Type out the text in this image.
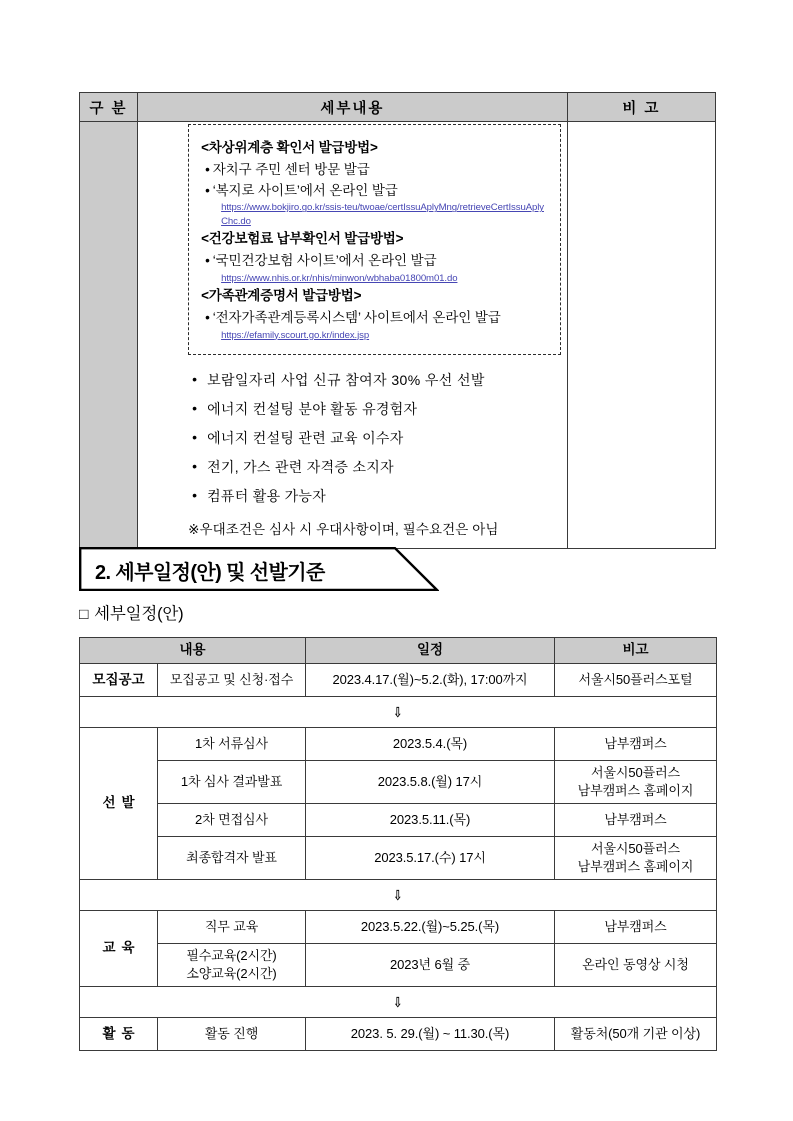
구 분	세부내용	비 고

<차상위계층 확인서 발급방법>
• 자치구 주민 센터 방문 발급
• ‘복지로 사이트’에서 온라인 발급
https://www.bokjiro.go.kr/ssis-teu/twoae/certIssuAplyMng/retrieveCertIssuAplyChc.do
<건강보험료 납부확인서 발급방법>
• ‘국민건강보험 사이트’에서 온라인 발급
https://www.nhis.or.kr/nhis/minwon/wbhaba01800m01.do
<가족관계증명서 발급방법>
• ‘전자가족관계등록시스템’ 사이트에서 온라인 발급
https://efamily.scourt.go.kr/index.jsp
• 보람일자리 사업 신규 참여자 30% 우선 선발
• 에너지 컨설팅 분야 활동 유경험자
• 에너지 컨설팅 관련 교육 이수자
• 전기, 가스 관련 자격증 소지자
• 컴퓨터 활용 가능자
※우대조건은 심사 시 우대사항이며, 필수요건은 아님

2. 세부일정(안) 및 선발기준
□ 세부일정(안)
내용		일정	비고
모집공고	모집공고 및 신청·접수	2023.4.17.(월)~5.2.(화), 17:00까지	서울시50플러스포털
⇩			
선발	1차 서류심사	2023.5.4.(목)	남부캠퍼스
	1차 심사 결과발표	2023.5.8.(월) 17시	서울시50플러스
남부캠퍼스 홈페이지
	2차 면접심사	2023.5.11.(목)	남부캠퍼스
	최종합격자 발표	2023.5.17.(수) 17시	서울시50플러스
남부캠퍼스 홈페이지
⇩			
교육	직무 교육	2023.5.22.(월)~5.25.(목)	남부캠퍼스
	필수교육(2시간)
소양교육(2시간)	2023년 6월 중	온라인 동영상 시청
⇩			
활동	활동 진행	2023. 5. 29.(월) ~ 11.30.(목)	활동처(50개 기관 이상)
